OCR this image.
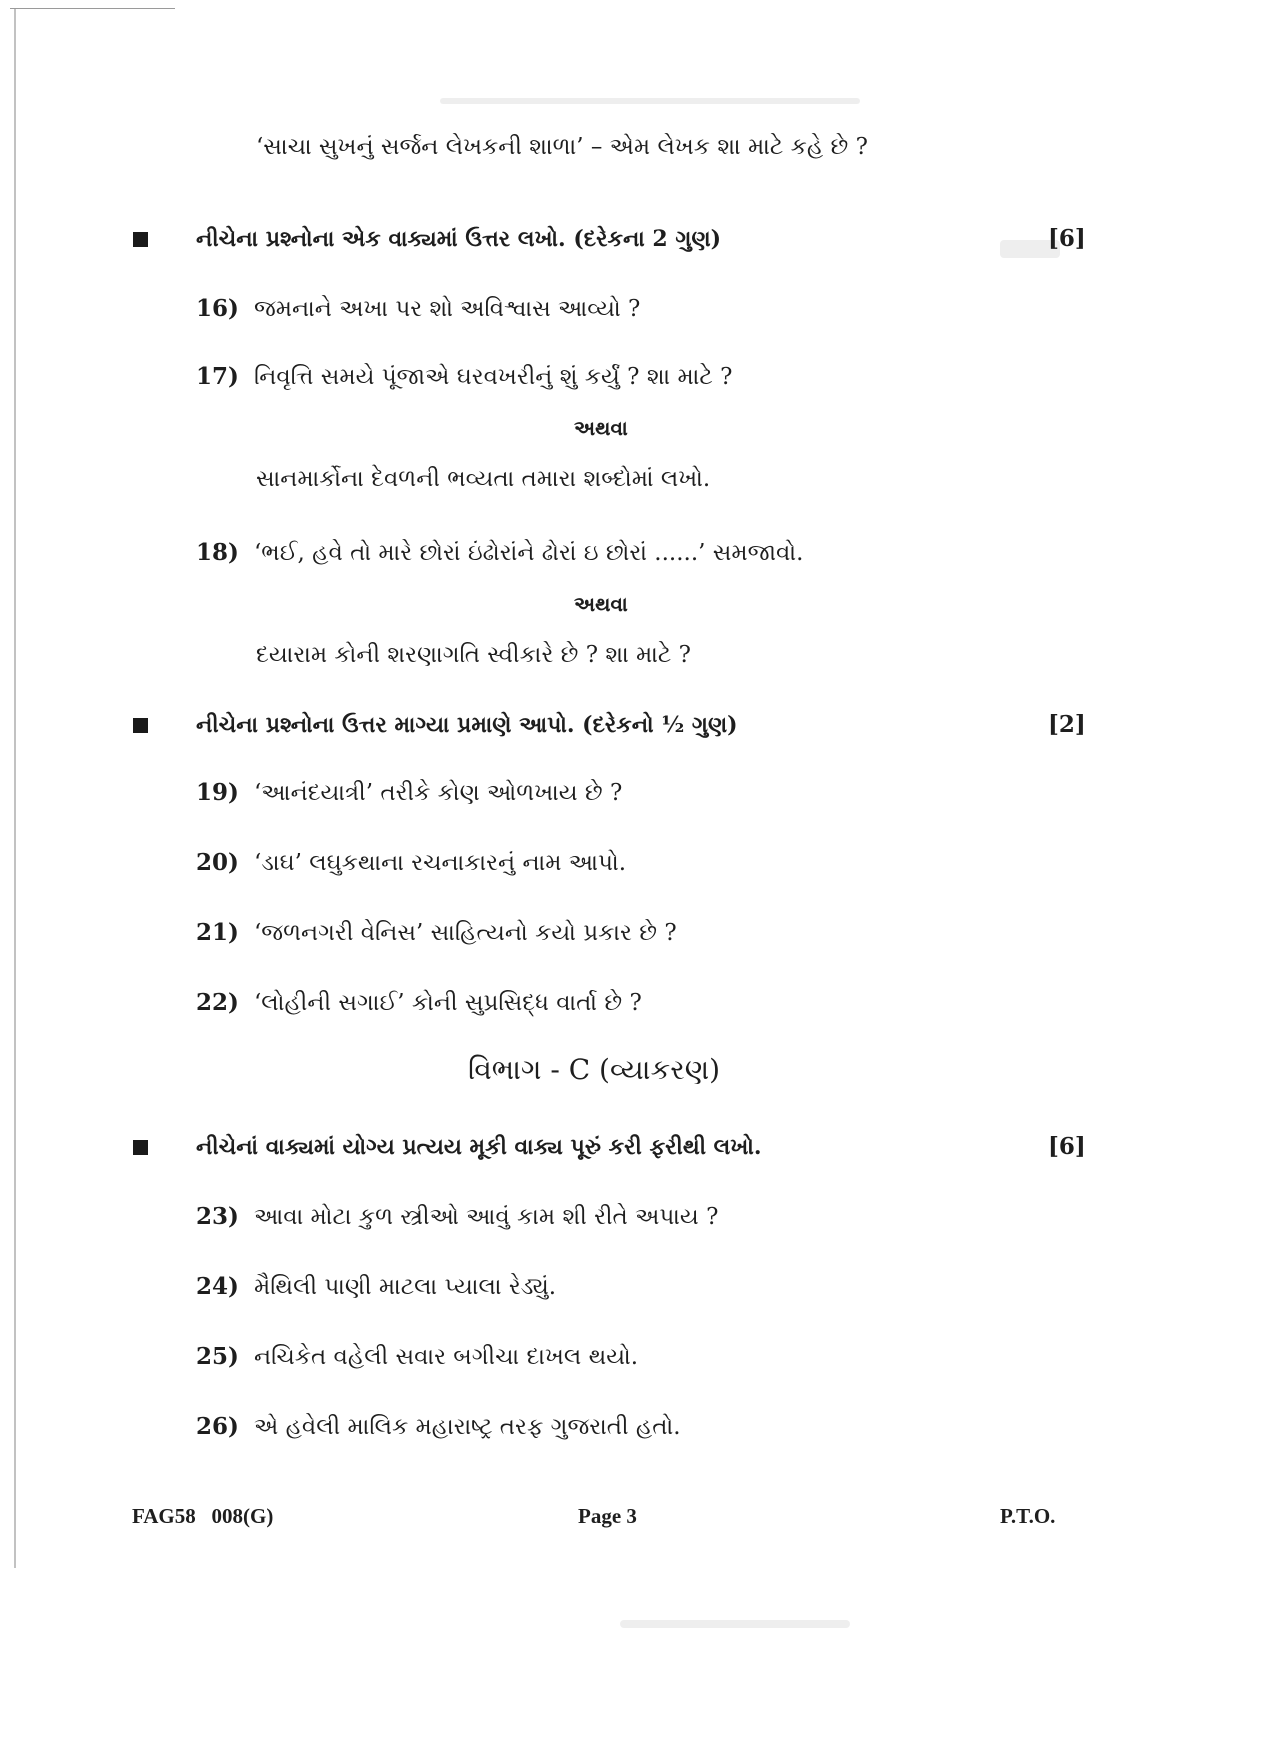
‘સાચા સુખનું સર્જન લેખકની શાળા’ – એમ લેખક શા માટે કહે છે ?
નીચેના પ્રશ્નોના એક વાક્યમાં ઉત્તર લખો. (દરેકના 2 ગુણ)	[6]
16) જમનાને અખા પર શો અવિશ્વાસ આવ્યો ?
17) નિવૃત્તિ સમયે પૂંજાએ ઘરવખરીનું શું કર્યું ? શા માટે ?
અથવા
સાનમાર્કોના દેવળની ભવ્યતા તમારા શબ્દોમાં લખો.
18) ‘ભઈ, હવે તો મારે છોરાં ઇંઢોરાંને ઢોરાં ઇ છોરાં ......’ સમજાવો.
અથવા
દયારામ કોની શરણાગતિ સ્વીકારે છે ? શા માટે ?
નીચેના પ્રશ્નોના ઉત્તર માગ્યા પ્રમાણે આપો. (દરેકનો ½ ગુણ)	[2]
19) ‘આનંદયાત્રી’ તરીકે કોણ ઓળખાય છે ?
20) ‘ડાઘ’ લઘુકથાના રચનાકારનું નામ આપો.
21) ‘જળનગરી વેનિસ’ સાહિત્યનો કયો પ્રકાર છે ?
22) ‘લોહીની સગાઈ’ કોની સુપ્રસિદ્ધ વાર્તા છે ?
વિભાગ - C (વ્યાકરણ)
નીચેનાં વાક્યમાં યોગ્ય પ્રત્યય મૂકી વાક્ય પૂરું કરી ફરીથી લખો.	[6]
23) આવા મોટા કુળ સ્ત્રીઓ આવું કામ શી રીતે અપાય ?
24) મૈથિલી પાણી માટલા પ્યાલા રેડ્યું.
25) નચિકેત વહેલી સવાર બગીચા દાખલ થયો.
26) એ હવેલી માલિક મહારાષ્ટ્ર તરફ ગુજરાતી હતો.
FAG58   008(G)	Page 3	P.T.O.
